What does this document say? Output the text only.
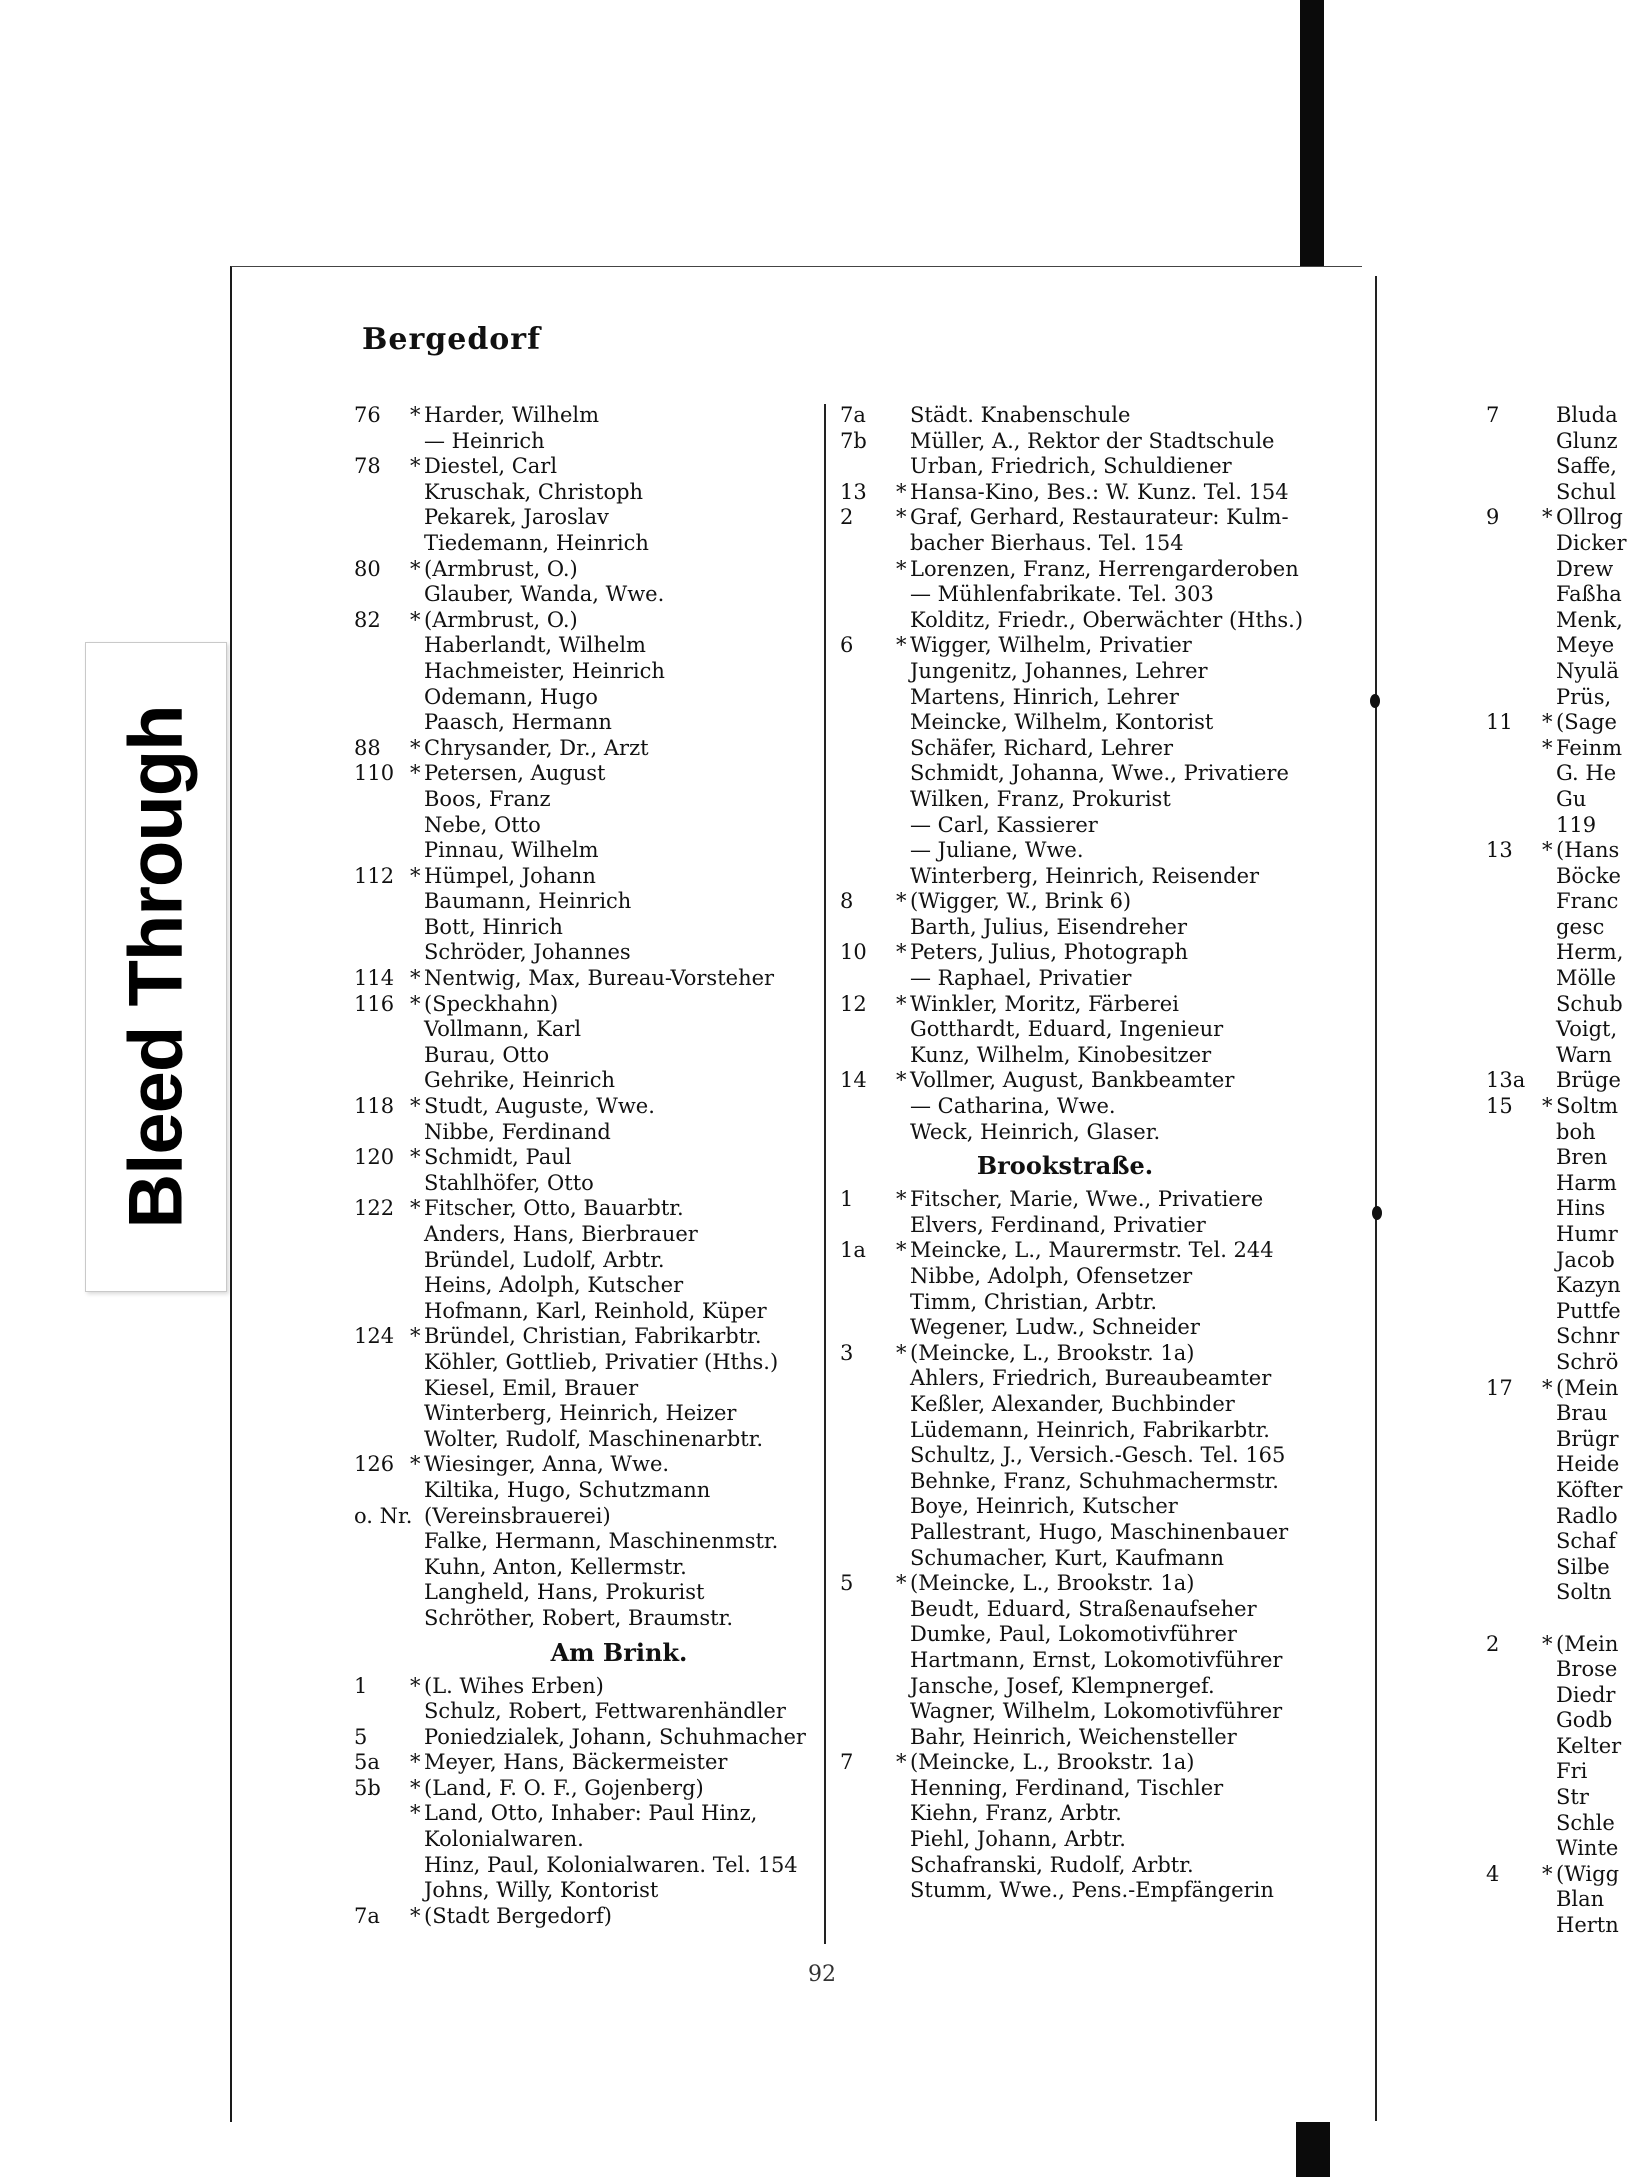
Bleed Through
Bergedorf
76	* Harder, Wilhelm
— Heinrich
78	* Diestel, Carl
Kruschak, Christoph
Pekarek, Jaroslav
Tiedemann, Heinrich
80	* (Armbrust, O.)
Glauber, Wanda, Wwe.
82	* (Armbrust, O.)
Haberlandt, Wilhelm
Hachmeister, Heinrich
Odemann, Hugo
Paasch, Hermann
88	* Chrysander, Dr., Arzt
110 * Petersen, August
Boos, Franz
Nebe, Otto
Pinnau, Wilhelm
112 * Hümpel, Johann
Baumann, Heinrich
Bott, Hinrich
Schröder, Johannes
114 * Nentwig, Max, Bureau-Vorsteher
116 * (Speckhahn)
Vollmann, Karl
Burau, Otto
Gehrike, Heinrich
118 * Studt, Auguste, Wwe.
Nibbe, Ferdinand
120 * Schmidt, Paul
Stahlhöfer, Otto
122 * Fitscher, Otto, Bauarbtr.
Anders, Hans, Bierbrauer
Bründel, Ludolf, Arbtr.
Heins, Adolph, Kutscher
Hofmann, Karl, Reinhold, Küper
124 * Bründel, Christian, Fabrikarbtr.
Köhler, Gottlieb, Privatier (Hths.)
Kiesel, Emil, Brauer
Winterberg, Heinrich, Heizer
Wolter, Rudolf, Maschinenarbtr.
126 * Wiesinger, Anna, Wwe.
Kiltika, Hugo, Schutzmann
o. Nr. (Vereinsbrauerei)
Falke, Hermann, Maschinenmstr.
Kuhn, Anton, Kellermstr.
Langheld, Hans, Prokurist
Schröther, Robert, Braumstr.
Am Brink.
1	* (L. Wihes Erben)
Schulz, Robert, Fettwarenhändler
5	Poniedzialek, Johann, Schuhmacher
5a	* Meyer, Hans, Bäckermeister
5b	* (Land, F. O. F., Gojenberg)
* Land, Otto, Inhaber: Paul Hinz,
Kolonialwaren.
Hinz, Paul, Kolonialwaren. Tel. 154
Johns, Willy, Kontorist
7a	* (Stadt Bergedorf)
7a	Städt. Knabenschule
7b	Müller, A., Rektor der Stadtschule
Urban, Friedrich, Schuldiener
13	* Hansa-Kino, Bes.: W. Kunz. Tel. 154
2	* Graf, Gerhard, Restaurateur: Kulm-
bacher Bierhaus. Tel. 154
* Lorenzen, Franz, Herrengarderoben
— Mühlenfabrikate. Tel. 303
Kolditz, Friedr., Oberwächter (Hths.)
6	* Wigger, Wilhelm, Privatier
Jungenitz, Johannes, Lehrer
Martens, Hinrich, Lehrer
Meincke, Wilhelm, Kontorist
Schäfer, Richard, Lehrer
Schmidt, Johanna, Wwe., Privatiere
Wilken, Franz, Prokurist
— Carl, Kassierer
— Juliane, Wwe.
Winterberg, Heinrich, Reisender
8	* (Wigger, W., Brink 6)
Barth, Julius, Eisendreher
10	* Peters, Julius, Photograph
— Raphael, Privatier
12	* Winkler, Moritz, Färberei
Gotthardt, Eduard, Ingenieur
Kunz, Wilhelm, Kinobesitzer
14	* Vollmer, August, Bankbeamter
— Catharina, Wwe.
Weck, Heinrich, Glaser.
Brookstraße.
1	* Fitscher, Marie, Wwe., Privatiere
Elvers, Ferdinand, Privatier
1a	* Meincke, L., Maurermstr. Tel. 244
Nibbe, Adolph, Ofensetzer
Timm, Christian, Arbtr.
Wegener, Ludw., Schneider
3	* (Meincke, L., Brookstr. 1a)
Ahlers, Friedrich, Bureaubeamter
Keßler, Alexander, Buchbinder
Lüdemann, Heinrich, Fabrikarbtr.
Schultz, J., Versich.-Gesch. Tel. 165
Behnke, Franz, Schuhmachermstr.
Boye, Heinrich, Kutscher
Pallestrant, Hugo, Maschinenbauer
Schumacher, Kurt, Kaufmann
5	* (Meincke, L., Brookstr. 1a)
Beudt, Eduard, Straßenaufseher
Dumke, Paul, Lokomotivführer
Hartmann, Ernst, Lokomotivführer
Jansche, Josef, Klempnergef.
Wagner, Wilhelm, Lokomotivführer
Bahr, Heinrich, Weichensteller
7	* (Meincke, L., Brookstr. 1a)
Henning, Ferdinand, Tischler
Kiehn, Franz, Arbtr.
Piehl, Johann, Arbtr.
Schafranski, Rudolf, Arbtr.
Stumm, Wwe., Pens.-Empfängerin
7	Bluda
Glunz
Saffe,
Schul
9	* Ollrog
Dicker
Drew
Faßha
Menk,
Meye
Nyulä
Prüs,
11	* (Sage
* Feinm
G. He
Gu
119
13	* (Hans
Böcke
Franc
gesc
Herm,
Mölle
Schub
Voigt,
Warn
13a	Brüge
15	* Soltm
boh
Bren
Harm
Hins
Humr
Jacob
Kazyn
Puttfe
Schnr
Schrö
17	* (Mein
Brau
Brügr
Heide
Köfter
Radlo
Schaf
Silbe
Soltn
2	* (Mein
Brose
Diedr
Godb
Kelter
Fri
Str
Schle
Winte
4	* (Wigg
Blan
Hertn
92
